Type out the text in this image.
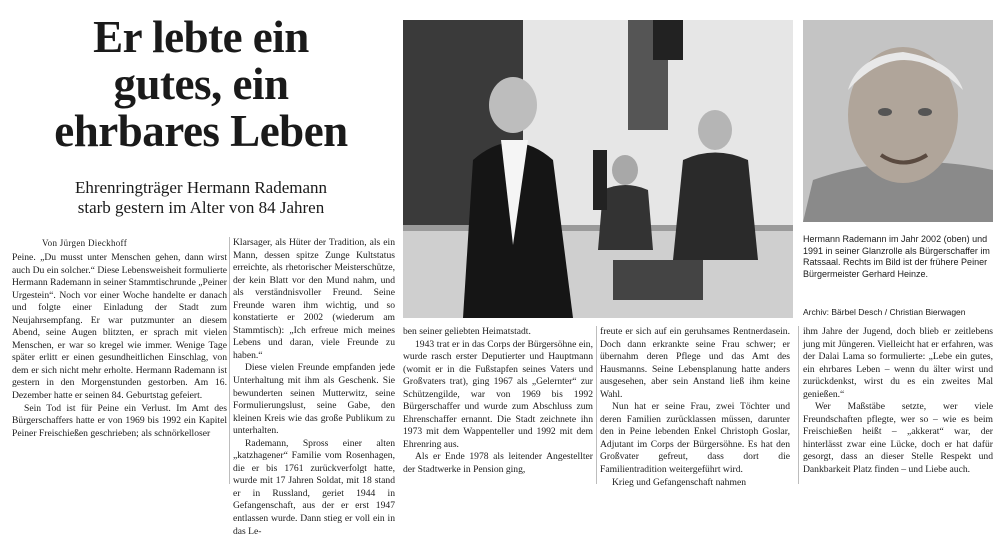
Er lebte ein
gutes, ein
ehrbares Leben
Ehrenringträger Hermann Rademann
starb gestern im Alter von 84 Jahren
Von Jürgen Dieckhoff

Peine. „Du musst unter Menschen gehen, dann wirst auch Du ein solcher.“ Diese Lebensweisheit formulierte Hermann Rademann in seiner Stammtischrunde „Peiner Urgestein“. Noch vor einer Woche handelte er danach und folgte einer Einladung der Stadt zum Neujahrsempfang. Er war putzmunter an diesem Abend, seine Augen blitzten, er sprach mit vielen Menschen, er war so kregel wie immer. Wenige Tage später erlitt er einen gesundheitlichen Einschlag, von dem er sich nicht mehr erholte. Hermann Rademann ist gestern in den Morgenstunden gestorben. Am 16. Dezember hatte er seinen 84. Geburtstag gefeiert.

Sein Tod ist für Peine ein Verlust. Im Amt des Bürgerschaffers hatte er von 1969 bis 1992 ein Kapitel Peiner Freischießen geschrieben; als schnörkelloser

Klarsager, als Hüter der Tradition, als ein Mann, dessen spitze Zunge Kultstatus erreichte, als rhetorischer Meisterschütze, der kein Blatt vor den Mund nahm, und als verständnisvoller Freund. Seine Freunde waren ihm wichtig, und so konstatierte er 2002 (wiederum am Stammtisch): „Ich erfreue mich meines Lebens und daran, viele Freunde zu haben.“

Diese vielen Freunde empfanden jede Unterhaltung mit ihm als Geschenk. Sie bewunderten seinen Mutterwitz, seine Formulierungslust, seine Gabe, den kleinen Kreis wie das große Publikum zu unterhalten.

Rademann, Spross einer alten „katzhagener“ Familie vom Rosenhagen, die er bis 1761 zurückverfolgt hatte, wurde mit 17 Jahren Soldat, mit 18 stand er in Russland, geriet 1944 in Gefangenschaft, aus der er erst 1947 entlassen wurde. Dann stieg er voll ein in das Le-

Hermann Rademann im Jahr 2002 (oben) und 1991 in seiner Glanzrolle als Bürgerschaffer im Ratssaal. Rechts im Bild ist der frühere Peiner Bürgermeister Gerhard Heinze.
Archiv: Bärbel Desch / Christian Bierwagen

ben seiner geliebten Heimatstadt.

1943 trat er in das Corps der Bürgersöhne ein, wurde rasch erster Deputierter und Hauptmann (womit er in die Fußstapfen seines Vaters und Großvaters trat), ging 1967 als „Gelernter“ zur Schützengilde, war von 1969 bis 1992 Bürgerschaffer und wurde zum Abschluss zum Ehrenschaffer ernannt. Die Stadt zeichnete ihn 1973 mit dem Wappenteller und 1992 mit dem Ehrenring aus.

Als er Ende 1978 als leitender Angestellter der Stadtwerke in Pension ging,

freute er sich auf ein geruhsames Rentnerdasein. Doch dann erkrankte seine Frau schwer; er übernahm deren Pflege und das Amt des Hausmanns. Seine Lebensplanung hatte anders ausgesehen, aber sein Anstand ließ ihm keine Wahl.

Nun hat er seine Frau, zwei Töchter und deren Familien zurücklassen müssen, darunter den in Peine lebenden Enkel Christoph Goslar, Adjutant im Corps der Bürgersöhne. Es hat den Großvater gefreut, dass dort die Familientradition weitergeführt wird.

Krieg und Gefangenschaft nahmen

ihm Jahre der Jugend, doch blieb er zeitlebens jung mit Jüngeren. Vielleicht hat er erfahren, was der Dalai Lama so formulierte: „Lebe ein gutes, ein ehrbares Leben – wenn du älter wirst und zurückdenkst, wirst du es ein zweites Mal genießen.“

Wer Maßstäbe setzte, wer viele Freundschaften pflegte, wer so – wie es beim Freischießen heißt – „akkerat“ war, der hinterlässt zwar eine Lücke, doch er hat dafür gesorgt, dass an dieser Stelle Respekt und Dankbarkeit Platz finden – und Liebe auch.
